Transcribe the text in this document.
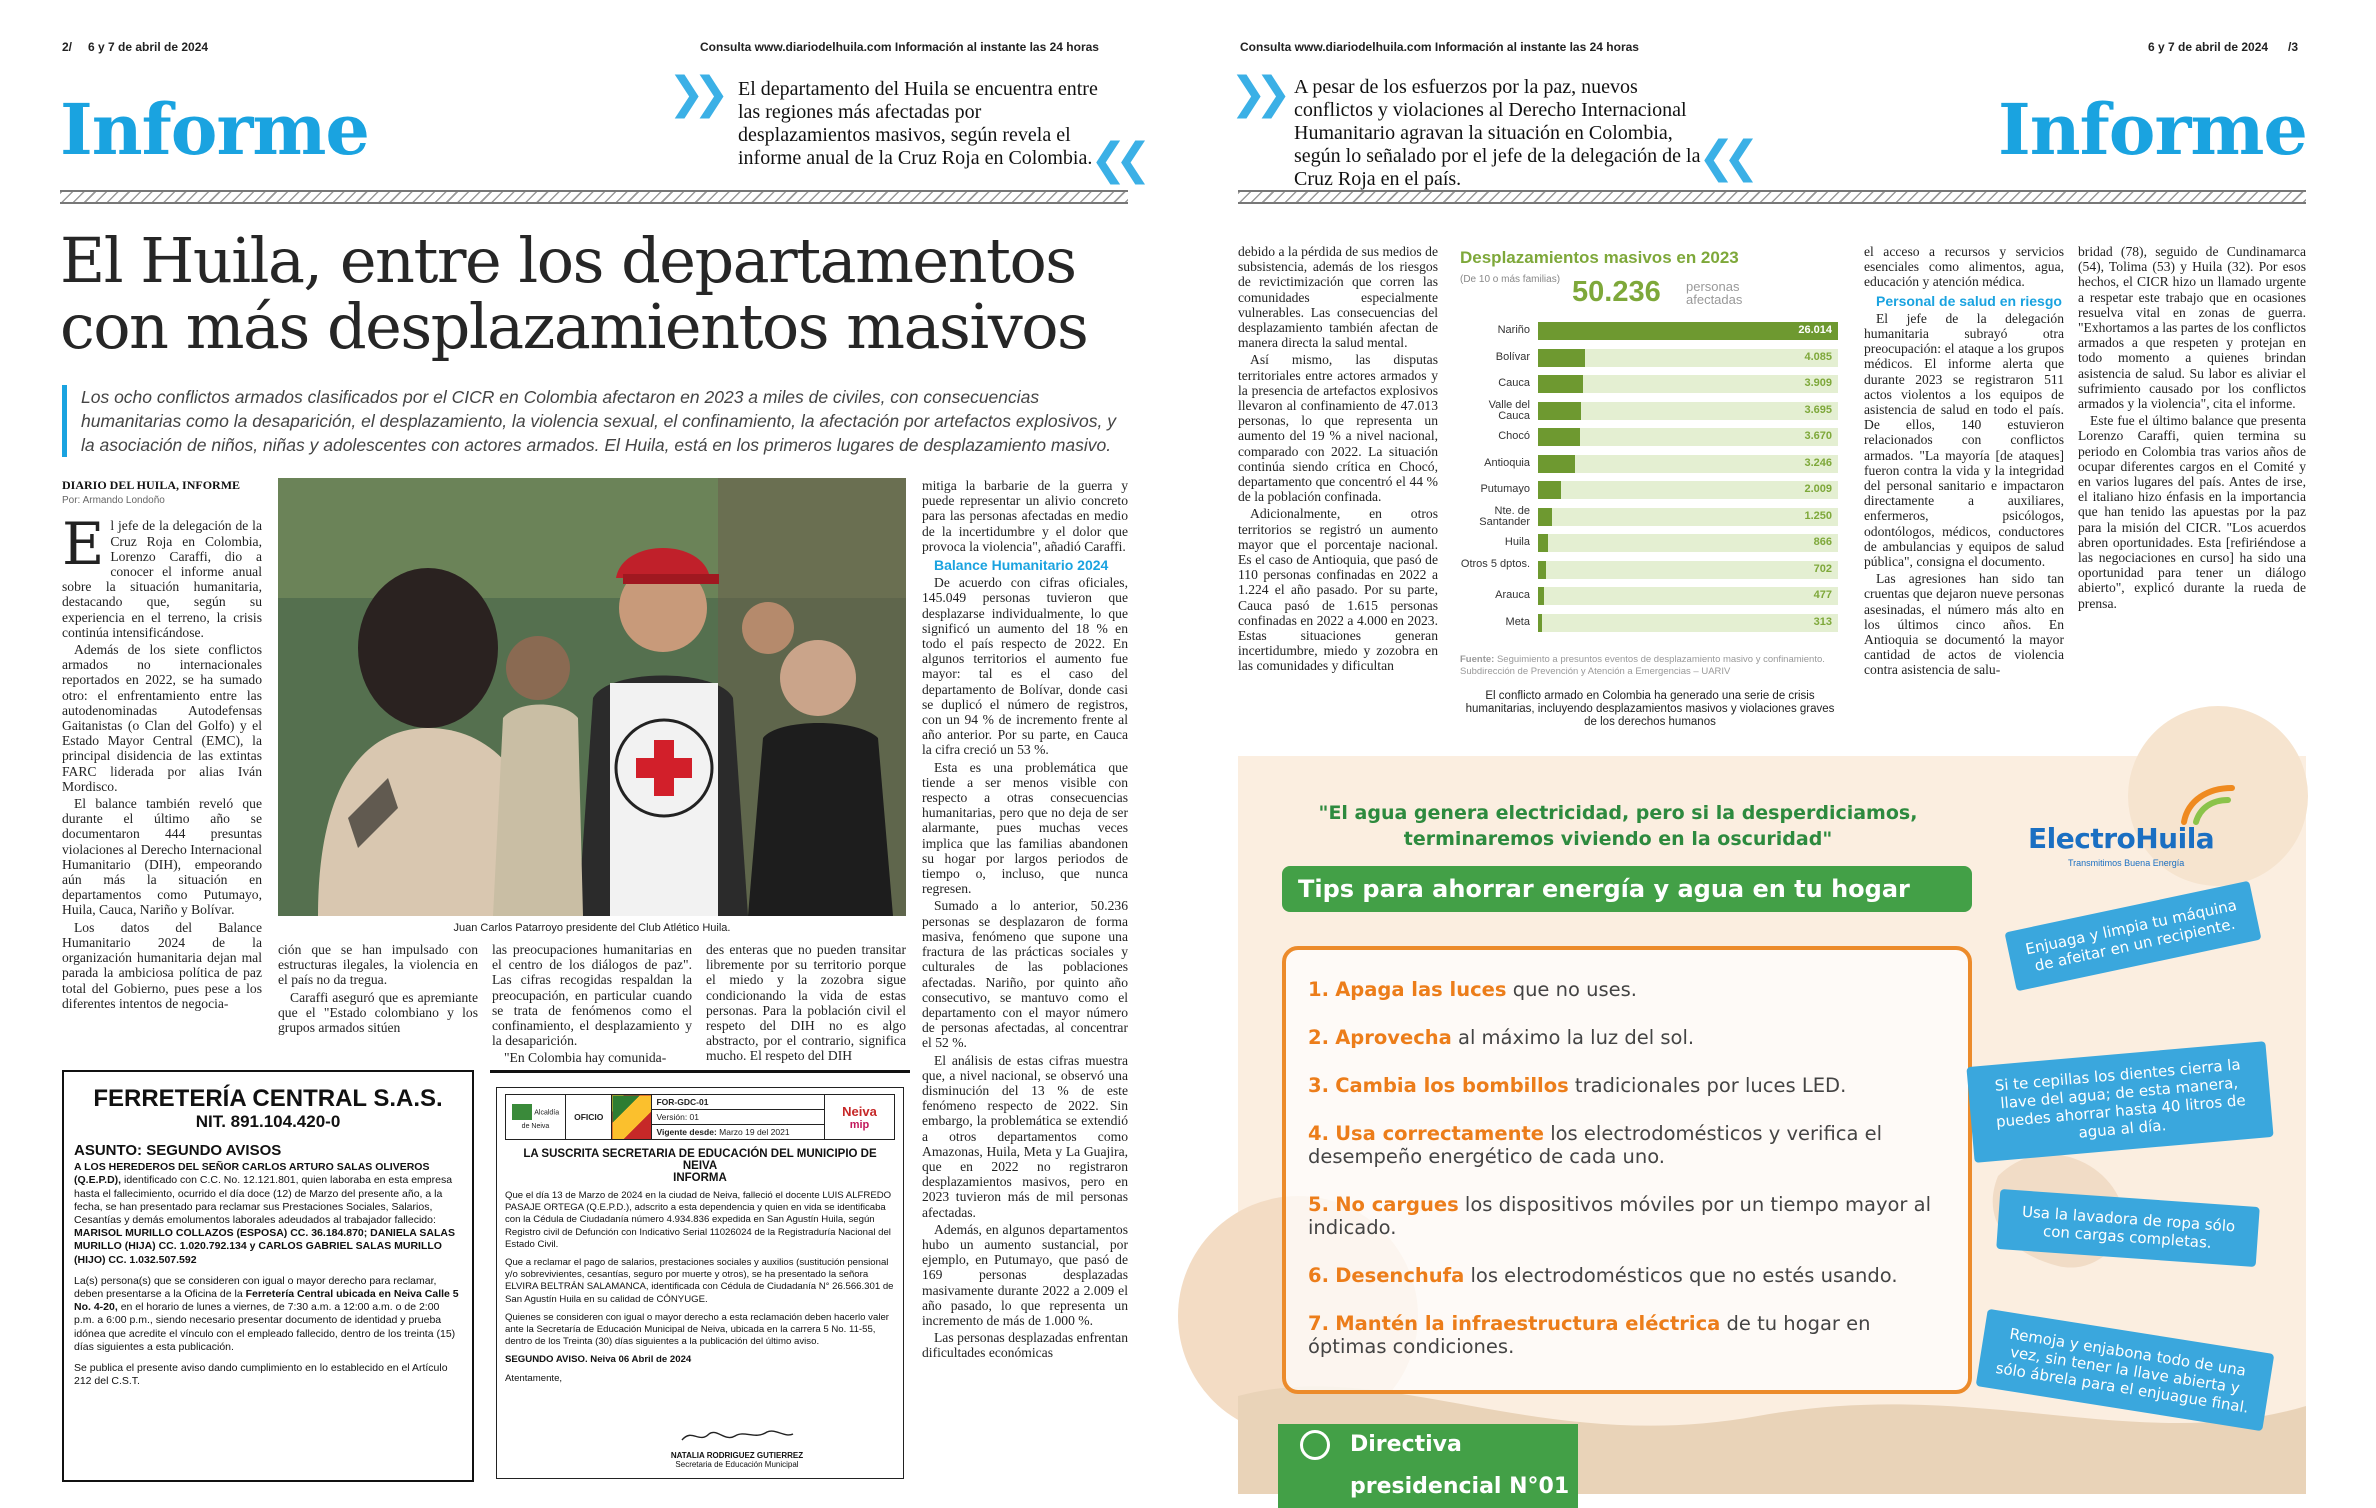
2/ 6 y 7 de abril de 2024	Consulta www.diariodelhuila.com Información al instante las 24 horas
Informe	❯❯ El departamento del Huila se encuentra entre las regiones más afectadas por desplazamientos masivos, según revela el informe anual de la Cruz Roja en Colombia.
❮❮
El Huila, entre los departamentos
con más desplazamientos masivos
Los ocho conflictos armados clasificados por el CICR en Colombia afectaron en 2023 a miles de civiles, con consecuencias humanitarias como la desaparición, el desplazamiento, la violencia sexual, el confinamiento, la afectación por artefactos explosivos, y la asociación de niños, niñas y adolescentes con actores armados. El Huila, está en los primeros lugares de desplazamiento masivo.
DIARIO DEL HUILA, INFORME
Por: Armando Londoño

El jefe de la delegación de la Cruz Roja en Colombia, Lorenzo Caraffi, dio a conocer el informe anual sobre la situación humanitaria, destacando que, según su experiencia en el terreno, la crisis continúa intensificándose.

Además de los siete conflictos armados no internacionales reportados en 2022, se ha sumado otro: el enfrentamiento entre las autodenominadas Autodefensas Gaitanistas (o Clan del Golfo) y el Estado Mayor Central (EMC), la principal disidencia de las extintas FARC liderada por alias Iván Mordisco.

El balance también reveló que durante el último año se documentaron 444 presuntas violaciones al Derecho Internacional Humanitario (DIH), empeorando aún más la situación en departamentos como Putumayo, Huila, Cauca, Nariño y Bolívar.

Los datos del Balance Humanitario 2024 de la organización humanitaria dejan mal parada la ambiciosa política de paz total del Gobierno, pues pese a los diferentes intentos de negocia-

Juan Carlos Patarroyo presidente del Club Atlético Huila.

ción que se han impulsado con estructuras ilegales, la violencia en el país no da tregua.

Caraffi aseguró que es apremiante que el "Estado colombiano y los grupos armados sitúen

las preocupaciones humanitarias en el centro de los diálogos de paz". Las cifras recogidas respaldan la preocupación, en particular cuando se trata de fenómenos como el confinamiento, el desplazamiento y la desaparición.

"En Colombia hay comunida-

des enteras que no pueden transitar libremente por su territorio porque el miedo y la zozobra sigue condicionando la vida de estas personas. Para la población civil el respeto del DIH no es algo abstracto, por el contrario, significa mucho. El respeto del DIH

mitiga la barbarie de la guerra y puede representar un alivio concreto para las personas afectadas en medio de la incertidumbre y el dolor que provoca la violencia", añadió Caraffi.

Balance Humanitario 2024

De acuerdo con cifras oficiales, 145.049 personas tuvieron que desplazarse individualmente, lo que significó un aumento del 18 % en todo el país respecto de 2022. En algunos territorios el aumento fue mayor: tal es el caso del departamento de Bolívar, donde casi se duplicó el número de registros, con un 94 % de incremento frente al año anterior. Por su parte, en Cauca la cifra creció un 53 %.

Esta es una problemática que tiende a ser menos visible con respecto a otras consecuencias humanitarias, pero que no deja de ser alarmante, pues muchas veces implica que las familias abandonen su hogar por largos periodos de tiempo o, incluso, que nunca regresen.

Sumado a lo anterior, 50.236 personas se desplazaron de forma masiva, fenómeno que supone una fractura de las prácticas sociales y culturales de las poblaciones afectadas. Nariño, por quinto año consecutivo, se mantuvo como el departamento con el mayor número de personas afectadas, al concentrar el 52 %.

El análisis de estas cifras muestra que, a nivel nacional, se observó una disminución del 13 % de este fenómeno respecto de 2022. Sin embargo, la problemática se extendió a otros departamentos como Amazonas, Huila, Meta y La Guajira, que en 2022 no registraron desplazamientos masivos, pero en 2023 tuvieron más de mil personas afectadas.

Además, en algunos departamentos hubo un aumento sustancial, por ejemplo, en Putumayo, que pasó de 169 personas desplazadas masivamente durante 2022 a 2.009 el año pasado, lo que representa un incremento de más de 1.000 %.

Las personas desplazadas enfrentan dificultades económicas

FERRETERÍA CENTRAL S.A.S.
NIT. 891.104.420-0
ASUNTO: SEGUNDO AVISOS
A LOS HEREDEROS DEL SEÑOR CARLOS ARTURO SALAS OLIVEROS (Q.E.P.D), identificado con C.C. No. 12.121.801, quien laboraba en esta empresa hasta el fallecimiento, ocurrido el día doce (12) de Marzo del presente año, a la fecha, se han presentado para reclamar sus Prestaciones Sociales, Salarios, Cesantías y demás emolumentos laborales adeudados al trabajador fallecido: MARISOL MURILLO COLLAZOS (ESPOSA) CC. 36.184.870; DANIELA SALAS MURILLO (HIJA) CC. 1.020.792.134 y CARLOS GABRIEL SALAS MURILLO (HIJO) CC. 1.032.507.592
La(s) persona(s) que se consideren con igual o mayor derecho para reclamar, deben presentarse a la Oficina de la Ferretería Central ubicada en Neiva Calle 5 No. 4-20, en el horario de lunes a viernes, de 7:30 a.m. a 12:00 a.m. o de 2:00 p.m. a 6:00 p.m., siendo necesario presentar documento de identidad y prueba idónea que acredite el vínculo con el empleado fallecido, dentro de los treinta (15) días siguientes a esta publicación.
Se publica el presente aviso dando cumplimiento en lo establecido en el Artículo 212 del C.S.T.
Alcaldía de Neiva	OFICIO		FOR-GDC-01	
Neiva
mip

Versión: 01
Vigente desde: Marzo 19 del 2021
LA SUSCRITA SECRETARIA DE EDUCACIÓN DEL MUNICIPIO DE NEIVA
INFORMA
Que el día 13 de Marzo de 2024 en la ciudad de Neiva, falleció el docente LUIS ALFREDO PASAJE ORTEGA (Q.E.P.D.), adscrito a esta dependencia y quien en vida se identificaba con la Cédula de Ciudadanía número 4.934.836 expedida en San Agustín Huila, según Registro civil de Defunción con Indicativo Serial 11026024 de la Registraduría Nacional del Estado Civil.
Que a reclamar el pago de salarios, prestaciones sociales y auxilios (sustitución pensional y/o sobrevivientes, cesantías, seguro por muerte y otros), se ha presentado la señora ELVIRA BELTRÁN SALAMANCA, identificada con Cédula de Ciudadanía N° 26.566.301 de San Agustín Huila en su calidad de CÓNYUGE.
Quienes se consideren con igual o mayor derecho a esta reclamación deben hacerlo valer ante la Secretaría de Educación Municipal de Neiva, ubicada en la carrera 5 No. 11-55, dentro de los Treinta (30) días siguientes a la publicación del último aviso.
SEGUNDO AVISO. Neiva 06 Abril de 2024
Atentamente,
NATALIA RODRIGUEZ GUTIERREZ
Secretaria de Educación Municipal
Consulta www.diariodelhuila.com Información al instante las 24 horas	6 y 7 de abril de 2024 /3
❯❯ A pesar de los esfuerzos por la paz, nuevos conflictos y violaciones al Derecho Internacional Humanitario agravan la situación en Colombia, según lo señalado por el jefe de la delegación de la Cruz Roja en el país.	❮❮	Informe

debido a la pérdida de sus medios de subsistencia, además de los riesgos de revictimización que corren las comunidades especialmente vulnerables. Las consecuencias del desplazamiento también afectan de manera directa la salud mental.

Así mismo, las disputas territoriales entre actores armados y la presencia de artefactos explosivos llevaron al confinamiento de 47.013 personas, lo que representa un aumento del 19 % a nivel nacional, comparado con 2022. La situación continúa siendo crítica en Chocó, departamento que concentró el 44 % de la población confinada.

Adicionalmente, en otros territorios se registró un aumento mayor que el porcentaje nacional. Es el caso de Antioquia, que pasó de 110 personas confinadas en 2022 a 1.224 el año pasado. Por su parte, Cauca pasó de 1.615 personas confinadas en 2022 a 4.000 en 2023. Estas situaciones generan incertidumbre, miedo y zozobra en las comunidades y dificultan

Desplazamientos masivos en 2023
(De 10 o más familias) 50.236 personas afectadas
Nariño	26.014
Bolívar	4.085
Cauca	3.909
Valle del Cauca	3.695
Chocó	3.670
Antioquia	3.246
Putumayo	2.009
Nte. de Santander	1.250
Huila	866
Otros 5 dptos.	702
Arauca	477
Meta	313
Fuente: Seguimiento a presuntos eventos de desplazamiento masivo y confinamiento. Subdirección de Prevención y Atención a Emergencias – UARIV
El conflicto armado en Colombia ha generado una serie de crisis humanitarias, incluyendo desplazamientos masivos y violaciones graves de los derechos humanos

el acceso a recursos y servicios esenciales como alimentos, agua, educación y atención médica.

Personal de salud en riesgo

El jefe de la delegación humanitaria subrayó otra preocupación: el ataque a los grupos médicos. El informe alerta que durante 2023 se registraron 511 actos violentos a los equipos de asistencia de salud en todo el país. De ellos, 140 estuvieron relacionados con conflictos armados. "La mayoría [de ataques] fueron contra la vida y la integridad del personal sanitario e impactaron directamente a auxiliares, enfermeros, psicólogos, odontólogos, médicos, conductores de ambulancias y equipos de salud pública", consigna el documento.

Las agresiones han sido tan cruentas que dejaron nueve personas asesinadas, el número más alto en los últimos cinco años. En Antioquia se documentó la mayor cantidad de actos de violencia contra asistencia de salu-

bridad (78), seguido de Cundinamarca (54), Tolima (53) y Huila (32). Por esos hechos, el CICR hizo un llamado urgente a respetar este trabajo que en ocasiones resuelva vital en zonas de guerra. "Exhortamos a las partes de los conflictos armados a que respeten y protejan en todo momento a quienes brindan asistencia de salud. Su labor es aliviar el sufrimiento causado por los conflictos armados y la violencia", cita el informe.

Este fue el último balance que presenta Lorenzo Caraffi, quien termina su periodo en Colombia tras varios años de ocupar diferentes cargos en el Comité y en varios lugares del país. Antes de irse, el italiano hizo énfasis en la importancia que han tenido las apuestas por la paz para la misión del CICR. "Los acuerdos abren oportunidades. Esta [refiriéndose a las negociaciones en curso] ha sido una oportunidad para tener un diálogo abierto", explicó durante la rueda de prensa.

"El agua genera electricidad, pero si la desperdiciamos,
terminaremos viviendo en la oscuridad"	ElectroHuila
Transmitimos Buena Energía
Tips para ahorrar energía y agua en tu hogar
1. Apaga las luces que no uses.
2. Aprovecha al máximo la luz del sol.
3. Cambia los bombillos tradicionales por luces LED.
4. Usa correctamente los electrodomésticos y verifica el desempeño energético de cada uno.
5. No cargues los dispositivos móviles por un tiempo mayor al indicado.
6. Desenchufa los electrodomésticos que no estés usando.
7. Mantén la infraestructura eléctrica de tu hogar en óptimas condiciones.
Enjuaga y limpia tu máquina de afeitar en un recipiente.
Si te cepillas los dientes cierra la llave del agua; de esta manera, puedes ahorrar hasta 40 litros de agua al día.
Usa la lavadora de ropa sólo con cargas completas.
Remoja y enjabona todo de una vez, sin tener la llave abierta y sólo ábrela para el enjuague final.
Directiva presidencial N°01
